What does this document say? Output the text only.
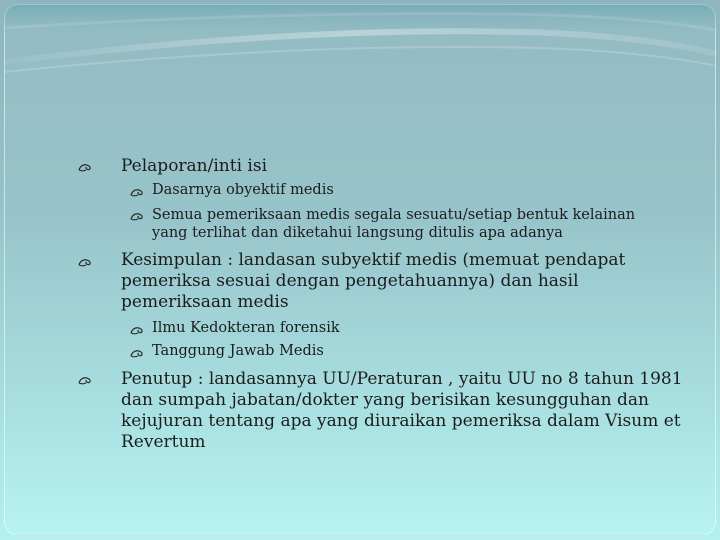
Pelaporan/inti isi
Dasarnya obyektif medis
Semua pemeriksaan medis segala sesuatu/setiap bentuk kelainan yang terlihat dan diketahui langsung ditulis apa adanya
Kesimpulan : landasan subyektif medis (memuat pendapat pemeriksa sesuai dengan pengetahuannya) dan hasil pemeriksaan medis
Ilmu Kedokteran forensik
Tanggung Jawab Medis
Penutup : landasannya UU/Peraturan , yaitu UU no 8 tahun 1981 dan sumpah jabatan/dokter yang berisikan kesungguhan dan kejujuran tentang apa yang diuraikan pemeriksa dalam Visum et Revertum
